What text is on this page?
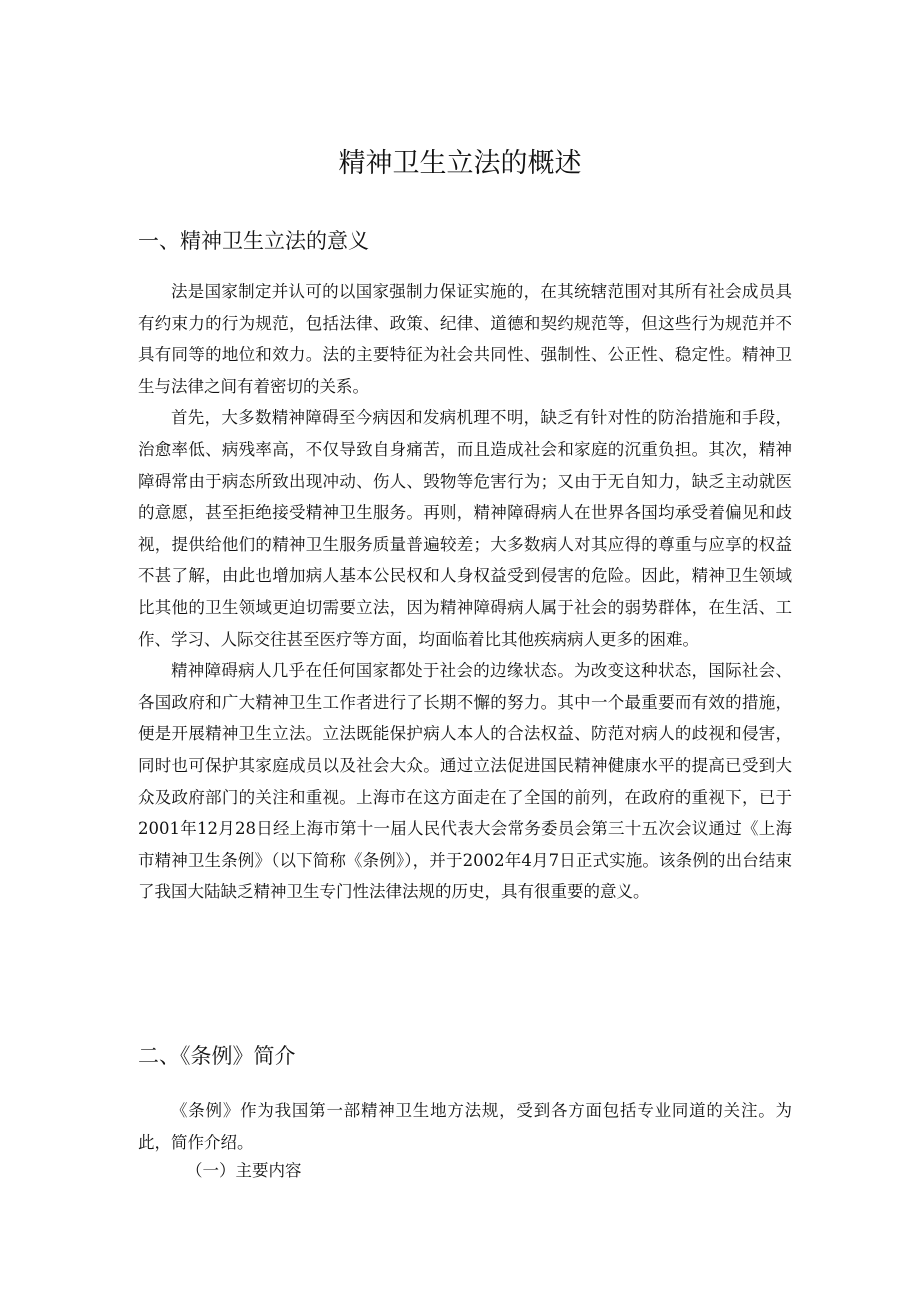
精神卫生立法的概述
一、精神卫生立法的意义

法是国家制定并认可的以国家强制力保证实施的，在其统辖范围对其所有社会成员具有约束力的行为规范，包括法律、政策、纪律、道德和契约规范等，但这些行为规范并不具有同等的地位和效力。法的主要特征为社会共同性、强制性、公正性、稳定性。精神卫生与法律之间有着密切的关系。

首先，大多数精神障碍至今病因和发病机理不明，缺乏有针对性的防治措施和手段，治愈率低、病残率高，不仅导致自身痛苦，而且造成社会和家庭的沉重负担。其次，精神障碍常由于病态所致出现冲动、伤人、毁物等危害行为；又由于无自知力，缺乏主动就医的意愿，甚至拒绝接受精神卫生服务。再则，精神障碍病人在世界各国均承受着偏见和歧视，提供给他们的精神卫生服务质量普遍较差；大多数病人对其应得的尊重与应享的权益不甚了解，由此也增加病人基本公民权和人身权益受到侵害的危险。因此，精神卫生领域比其他的卫生领域更迫切需要立法，因为精神障碍病人属于社会的弱势群体，在生活、工作、学习、人际交往甚至医疗等方面，均面临着比其他疾病病人更多的困难。

精神障碍病人几乎在任何国家都处于社会的边缘状态。为改变这种状态，国际社会、各国政府和广大精神卫生工作者进行了长期不懈的努力。其中一个最重要而有效的措施，便是开展精神卫生立法。立法既能保护病人本人的合法权益、防范对病人的歧视和侵害，同时也可保护其家庭成员以及社会大众。通过立法促进国民精神健康水平的提高已受到大众及政府部门的关注和重视。上海市在这方面走在了全国的前列，在政府的重视下，已于2001年12月28日经上海市第十一届人民代表大会常务委员会第三十五次会议通过《上海市精神卫生条例》（以下简称《条例》），并于2002年4月7日正式实施。该条例的出台结束了我国大陆缺乏精神卫生专门性法律法规的历史，具有很重要的意义。

二、《条例》简介

《条例》作为我国第一部精神卫生地方法规，受到各方面包括专业同道的关注。为此，简作介绍。

（一）主要内容
